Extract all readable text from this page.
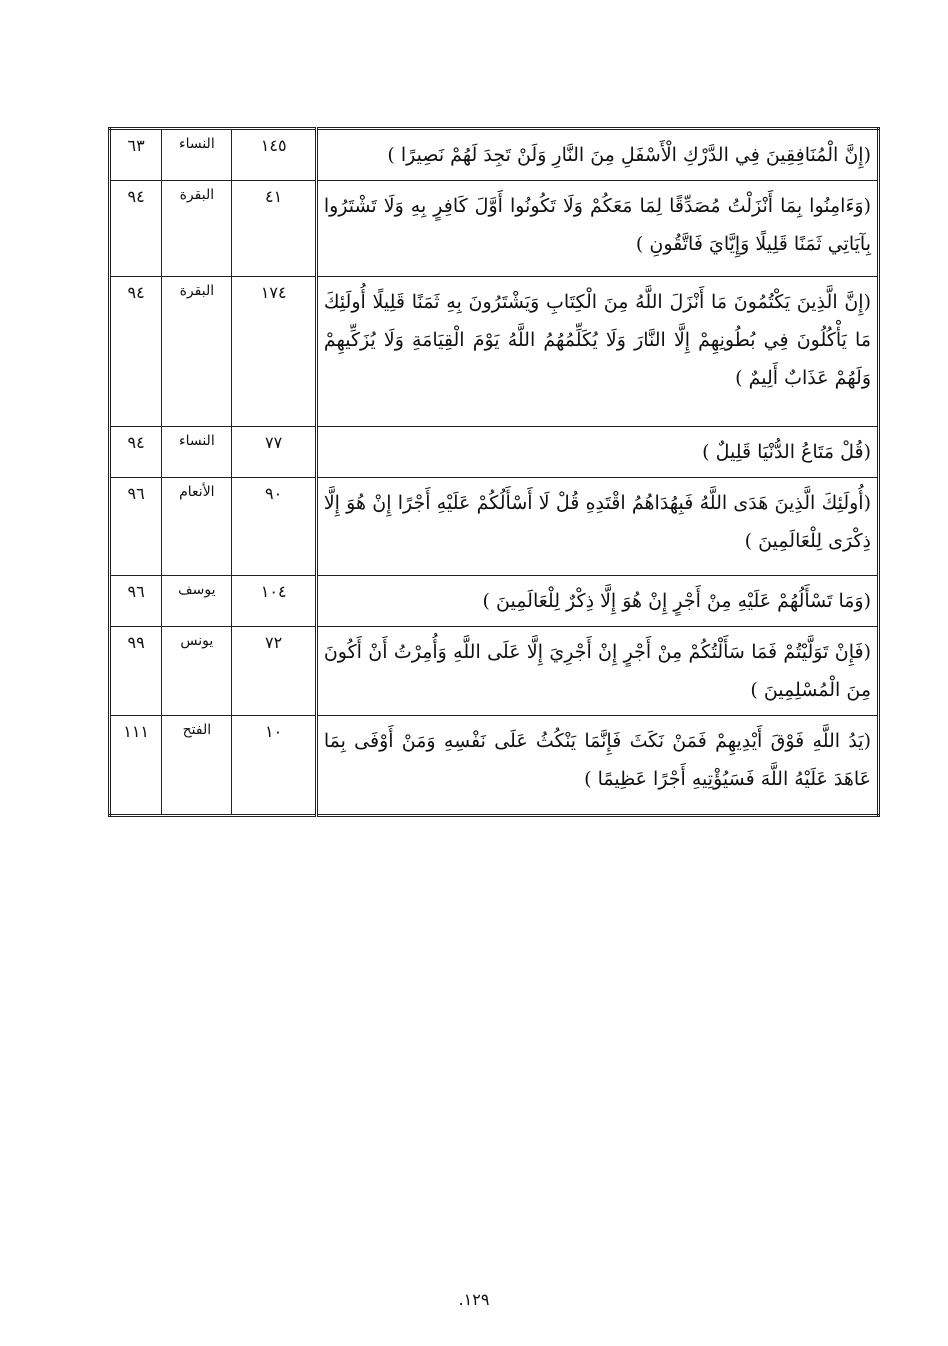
(إِنَّ الْمُنَافِقِينَ فِي الدَّرْكِ الْأَسْفَلِ مِنَ النَّارِ وَلَنْ تَجِدَ لَهُمْ نَصِيرًا )	١٤٥	النساء	٦٣
(وَءَامِنُوا بِمَا أَنْزَلْتُ مُصَدِّقًا لِمَا مَعَكُمْ وَلَا تَكُونُوا أَوَّلَ كَافِرٍ بِهِ وَلَا تَشْتَرُوا بِآيَاتِي ثَمَنًا قَلِيلًا وَإِيَّايَ فَاتَّقُونِ )	٤١	البقرة	٩٤
(إِنَّ الَّذِينَ يَكْتُمُونَ مَا أَنْزَلَ اللَّهُ مِنَ الْكِتَابِ وَيَشْتَرُونَ بِهِ ثَمَنًا قَلِيلًا أُولَئِكَ مَا يَأْكُلُونَ فِي بُطُونِهِمْ إِلَّا النَّارَ وَلَا يُكَلِّمُهُمُ اللَّهُ يَوْمَ الْقِيَامَةِ وَلَا يُزَكِّيهِمْ وَلَهُمْ عَذَابٌ أَلِيمٌ )	١٧٤	البقرة	٩٤
(قُلْ مَتَاعُ الدُّنْيَا قَلِيلٌ )	٧٧	النساء	٩٤
(أُولَئِكَ الَّذِينَ هَدَى اللَّهُ فَبِهُدَاهُمُ اقْتَدِهِ قُلْ لَا أَسْأَلُكُمْ عَلَيْهِ أَجْرًا إِنْ هُوَ إِلَّا ذِكْرَى لِلْعَالَمِينَ )	٩٠	الأنعام	٩٦
(وَمَا تَسْأَلُهُمْ عَلَيْهِ مِنْ أَجْرٍ إِنْ هُوَ إِلَّا ذِكْرٌ لِلْعَالَمِينَ )	١٠٤	يوسف	٩٦
(فَإِنْ تَوَلَّيْتُمْ فَمَا سَأَلْتُكُمْ مِنْ أَجْرٍ إِنْ أَجْرِيَ إِلَّا عَلَى اللَّهِ وَأُمِرْتُ أَنْ أَكُونَ مِنَ الْمُسْلِمِينَ )	٧٢	يونس	٩٩
(يَدُ اللَّهِ فَوْقَ أَيْدِيهِمْ فَمَنْ نَكَثَ فَإِنَّمَا يَنْكُثُ عَلَى نَفْسِهِ وَمَنْ أَوْفَى بِمَا عَاهَدَ عَلَيْهُ اللَّهَ فَسَيُؤْتِيهِ أَجْرًا عَظِيمًا )	١٠	الفتح	١١١
١٢٩.
